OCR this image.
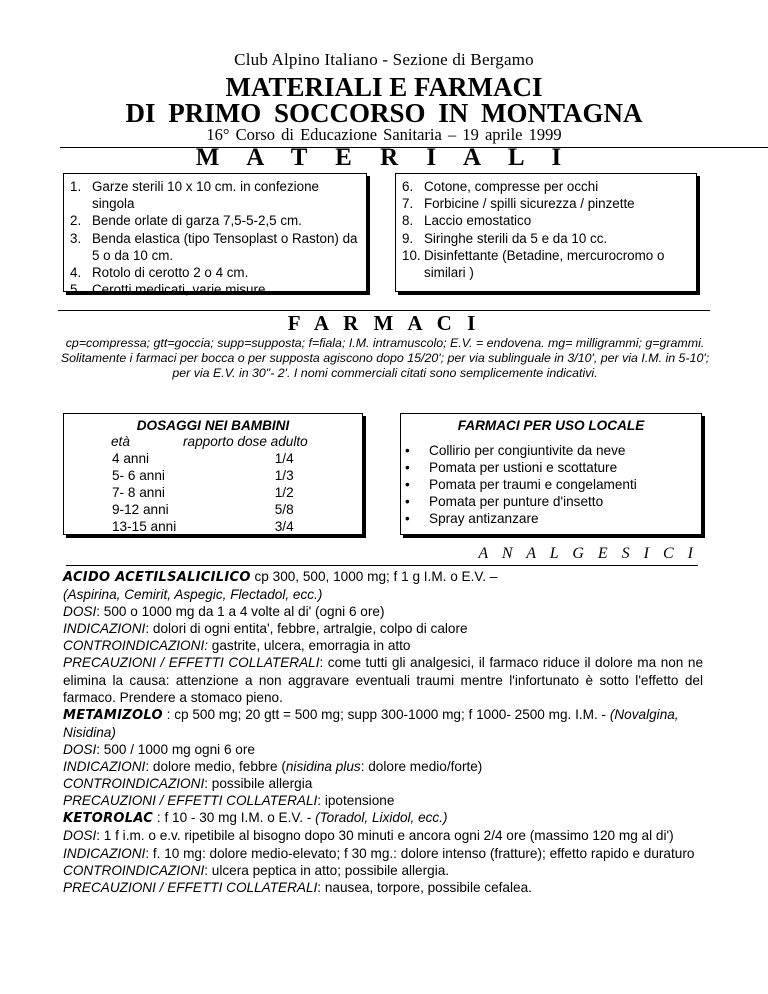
Club Alpino Italiano - Sezione di Bergamo
MATERIALI E FARMACI
DI PRIMO SOCCORSO IN MONTAGNA
16° Corso di Educazione Sanitaria – 19 aprile 1999
M A T E R I A L I
1. Garze sterili 10 x 10 cm. in confezione singola
2. Bende orlate di garza 7,5-5-2,5 cm.
3. Benda elastica (tipo Tensoplast o Raston) da 5 o da 10 cm.
4. Rotolo di cerotto 2 o 4 cm.
5. Cerotti medicati, varie misure
6. Cotone, compresse per occhi
7. Forbicine / spilli sicurezza / pinzette
8. Laccio emostatico
9. Siringhe sterili da 5 e da 10 cc.
10. Disinfettante (Betadine, mercurocromo o similari )
F A R M A C I
cp=compressa; gtt=goccia; supp=supposta; f=fiala; I.M. intramuscolo; E.V. = endovena. mg= milligrammi; g=grammi. Solitamente i farmaci per bocca o per supposta agiscono dopo 15/20'; per via sublinguale in 3/10', per via I.M. in 5-10'; per via E.V. in 30"- 2'. I nomi commerciali citati sono semplicemente indicativi.
DOSAGGI NEI BAMBINI
età	rapporto dose adulto
4 anni	1/4
5- 6 anni	1/3
7- 8 anni	1/2
9-12 anni	5/8
13-15 anni	3/4
FARMACI PER USO LOCALE
•	Collirio per congiuntivite da neve
•	Pomata per ustioni e scottature
•	Pomata per traumi e congelamenti
•	Pomata per punture d'insetto
•	Spray antizanzare
A N A L G E S I C I

ACIDO ACETILSALICILICO cp 300, 500, 1000 mg; f 1 g I.M. o E.V. –

(Aspirina, Cemirit, Aspegic, Flectadol, ecc.)

DOSI: 500 o 1000 mg da 1 a 4 volte al di' (ogni 6 ore)

INDICAZIONI: dolori di ogni entita', febbre, artralgie, colpo di calore

CONTROINDICAZIONI: gastrite, ulcera, emorragia in atto

PRECAUZIONI / EFFETTI COLLATERALI: come tutti gli analgesici, il farmaco riduce il dolore ma non ne elimina la causa: attenzione a non aggravare eventuali traumi mentre l'infortunato è sotto l'effetto del farmaco. Prendere a stomaco pieno.

METAMIZOLO : cp 500 mg; 20 gtt = 500 mg; supp 300-1000 mg; f 1000- 2500 mg. I.M. - (Novalgina, Nisidina)

DOSI: 500 / 1000 mg ogni 6 ore

INDICAZIONI: dolore medio, febbre (nisidina plus: dolore medio/forte)

CONTROINDICAZIONI: possibile allergia

PRECAUZIONI / EFFETTI COLLATERALI: ipotensione

KETOROLAC : f 10 - 30 mg I.M. o E.V. - (Toradol, Lixidol, ecc.)

DOSI: 1 f i.m. o e.v. ripetibile al bisogno dopo 30 minuti e ancora ogni 2/4 ore (massimo 120 mg al di')

INDICAZIONI: f. 10 mg: dolore medio-elevato; f 30 mg.: dolore intenso (fratture); effetto rapido e duraturo

CONTROINDICAZIONI: ulcera peptica in atto; possibile allergia.

PRECAUZIONI / EFFETTI COLLATERALI: nausea, torpore, possibile cefalea.
